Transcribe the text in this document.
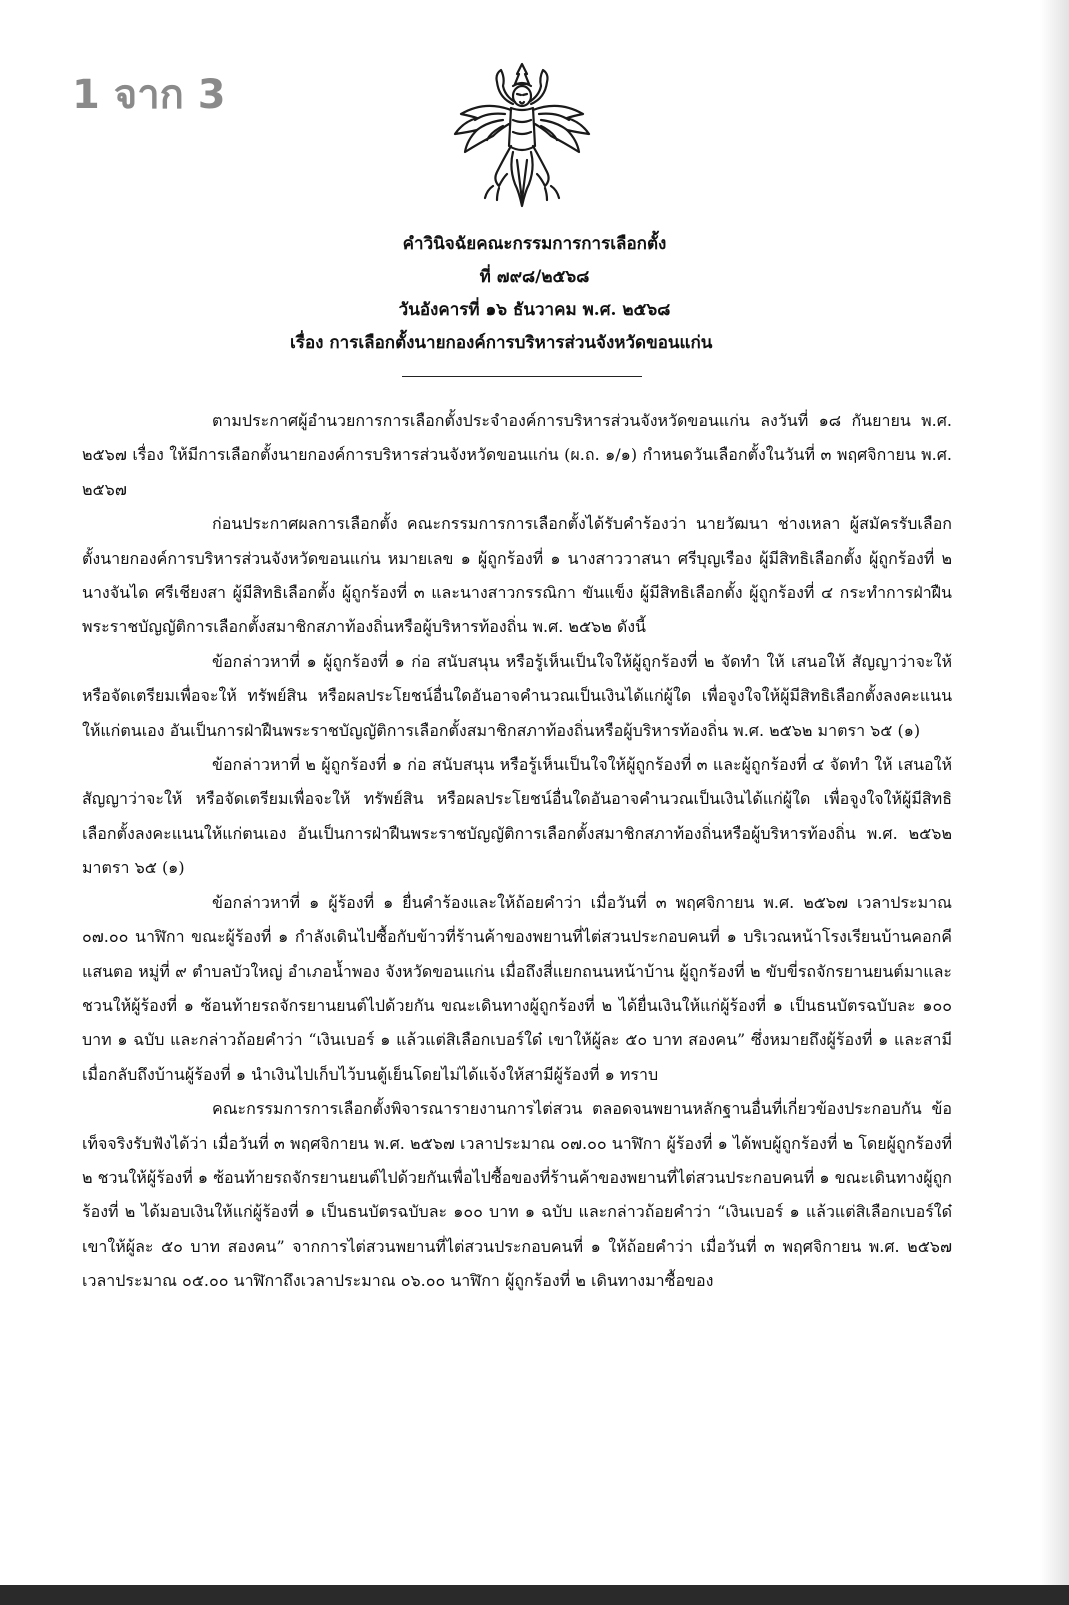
1 จาก 3
คำวินิจฉัยคณะกรรมการการเลือกตั้ง
ที่ ๗๙๘/๒๕๖๘
วันอังคารที่ ๑๖ ธันวาคม พ.ศ. ๒๕๖๘
เรื่อง การเลือกตั้งนายกองค์การบริหารส่วนจังหวัดขอนแก่น

ตามประกาศผู้อำนวยการการเลือกตั้งประจำองค์การบริหารส่วนจังหวัดขอนแก่น ลงวันที่ ๑๘ กันยายน พ.ศ. ๒๕๖๗ เรื่อง ให้มีการเลือกตั้งนายกองค์การบริหารส่วนจังหวัดขอนแก่น (ผ.ถ. ๑/๑) กำหนดวันเลือกตั้งในวันที่ ๓ พฤศจิกายน พ.ศ. ๒๕๖๗

ก่อนประกาศผลการเลือกตั้ง คณะกรรมการการเลือกตั้งได้รับคำร้องว่า นายวัฒนา ช่างเหลา ผู้สมัครรับเลือกตั้งนายกองค์การบริหารส่วนจังหวัดขอนแก่น หมายเลข ๑ ผู้ถูกร้องที่ ๑ นางสาววาสนา ศรีบุญเรือง ผู้มีสิทธิเลือกตั้ง ผู้ถูกร้องที่ ๒ นางจันได ศรีเชียงสา ผู้มีสิทธิเลือกตั้ง ผู้ถูกร้องที่ ๓ และนางสาวกรรณิกา ขันแข็ง ผู้มีสิทธิเลือกตั้ง ผู้ถูกร้องที่ ๔ กระทำการฝ่าฝืนพระราชบัญญัติการเลือกตั้งสมาชิกสภาท้องถิ่นหรือผู้บริหารท้องถิ่น พ.ศ. ๒๕๖๒ ดังนี้

ข้อกล่าวหาที่ ๑ ผู้ถูกร้องที่ ๑ ก่อ สนับสนุน หรือรู้เห็นเป็นใจให้ผู้ถูกร้องที่ ๒ จัดทำ ให้ เสนอให้ สัญญาว่าจะให้ หรือจัดเตรียมเพื่อจะให้ ทรัพย์สิน หรือผลประโยชน์อื่นใดอันอาจคำนวณเป็นเงินได้แก่ผู้ใด เพื่อจูงใจให้ผู้มีสิทธิเลือกตั้งลงคะแนนให้แก่ตนเอง อันเป็นการฝ่าฝืนพระราชบัญญัติการเลือกตั้งสมาชิกสภาท้องถิ่นหรือผู้บริหารท้องถิ่น พ.ศ. ๒๕๖๒ มาตรา ๖๕ (๑)

ข้อกล่าวหาที่ ๒ ผู้ถูกร้องที่ ๑ ก่อ สนับสนุน หรือรู้เห็นเป็นใจให้ผู้ถูกร้องที่ ๓ และผู้ถูกร้องที่ ๔ จัดทำ ให้ เสนอให้ สัญญาว่าจะให้ หรือจัดเตรียมเพื่อจะให้ ทรัพย์สิน หรือผลประโยชน์อื่นใดอันอาจคำนวณเป็นเงินได้แก่ผู้ใด เพื่อจูงใจให้ผู้มีสิทธิเลือกตั้งลงคะแนนให้แก่ตนเอง อันเป็นการฝ่าฝืนพระราชบัญญัติการเลือกตั้งสมาชิกสภาท้องถิ่นหรือผู้บริหารท้องถิ่น พ.ศ. ๒๕๖๒ มาตรา ๖๕ (๑)

ข้อกล่าวหาที่ ๑ ผู้ร้องที่ ๑ ยื่นคำร้องและให้ถ้อยคำว่า เมื่อวันที่ ๓ พฤศจิกายน พ.ศ. ๒๕๖๗ เวลาประมาณ ๐๗.๐๐ นาฬิกา ขณะผู้ร้องที่ ๑ กำลังเดินไปซื้อกับข้าวที่ร้านค้าของพยานที่ไต่สวนประกอบคนที่ ๑ บริเวณหน้าโรงเรียนบ้านคอกคีแสนตอ หมู่ที่ ๙ ตำบลบัวใหญ่ อำเภอน้ำพอง จังหวัดขอนแก่น เมื่อถึงสี่แยกถนนหน้าบ้าน ผู้ถูกร้องที่ ๒ ขับขี่รถจักรยานยนต์มาและชวนให้ผู้ร้องที่ ๑ ซ้อนท้ายรถจักรยานยนต์ไปด้วยกัน ขณะเดินทางผู้ถูกร้องที่ ๒ ได้ยื่นเงินให้แก่ผู้ร้องที่ ๑ เป็นธนบัตรฉบับละ ๑๐๐ บาท ๑ ฉบับ และกล่าวถ้อยคำว่า “เงินเบอร์ ๑ แล้วแต่สิเลือกเบอร์ใด๋ เขาให้ผู้ละ ๕๐ บาท สองคน” ซึ่งหมายถึงผู้ร้องที่ ๑ และสามี เมื่อกลับถึงบ้านผู้ร้องที่ ๑ นำเงินไปเก็บไว้บนตู้เย็นโดยไม่ได้แจ้งให้สามีผู้ร้องที่ ๑ ทราบ

คณะกรรมการการเลือกตั้งพิจารณารายงานการไต่สวน ตลอดจนพยานหลักฐานอื่นที่เกี่ยวข้องประกอบกัน ข้อเท็จจริงรับฟังได้ว่า เมื่อวันที่ ๓ พฤศจิกายน พ.ศ. ๒๕๖๗ เวลาประมาณ ๐๗.๐๐ นาฬิกา ผู้ร้องที่ ๑ ได้พบผู้ถูกร้องที่ ๒ โดยผู้ถูกร้องที่ ๒ ชวนให้ผู้ร้องที่ ๑ ซ้อนท้ายรถจักรยานยนต์ไปด้วยกันเพื่อไปซื้อของที่ร้านค้าของพยานที่ไต่สวนประกอบคนที่ ๑ ขณะเดินทางผู้ถูกร้องที่ ๒ ได้มอบเงินให้แก่ผู้ร้องที่ ๑ เป็นธนบัตรฉบับละ ๑๐๐ บาท ๑ ฉบับ และกล่าวถ้อยคำว่า “เงินเบอร์ ๑ แล้วแต่สิเลือกเบอร์ใด๋ เขาให้ผู้ละ ๕๐ บาท สองคน” จากการไต่สวนพยานที่ไต่สวนประกอบคนที่ ๑ ให้ถ้อยคำว่า เมื่อวันที่ ๓ พฤศจิกายน พ.ศ. ๒๕๖๗ เวลาประมาณ ๐๕.๐๐ นาฬิกาถึงเวลาประมาณ ๐๖.๐๐ นาฬิกา ผู้ถูกร้องที่ ๒ เดินทางมาซื้อของ
